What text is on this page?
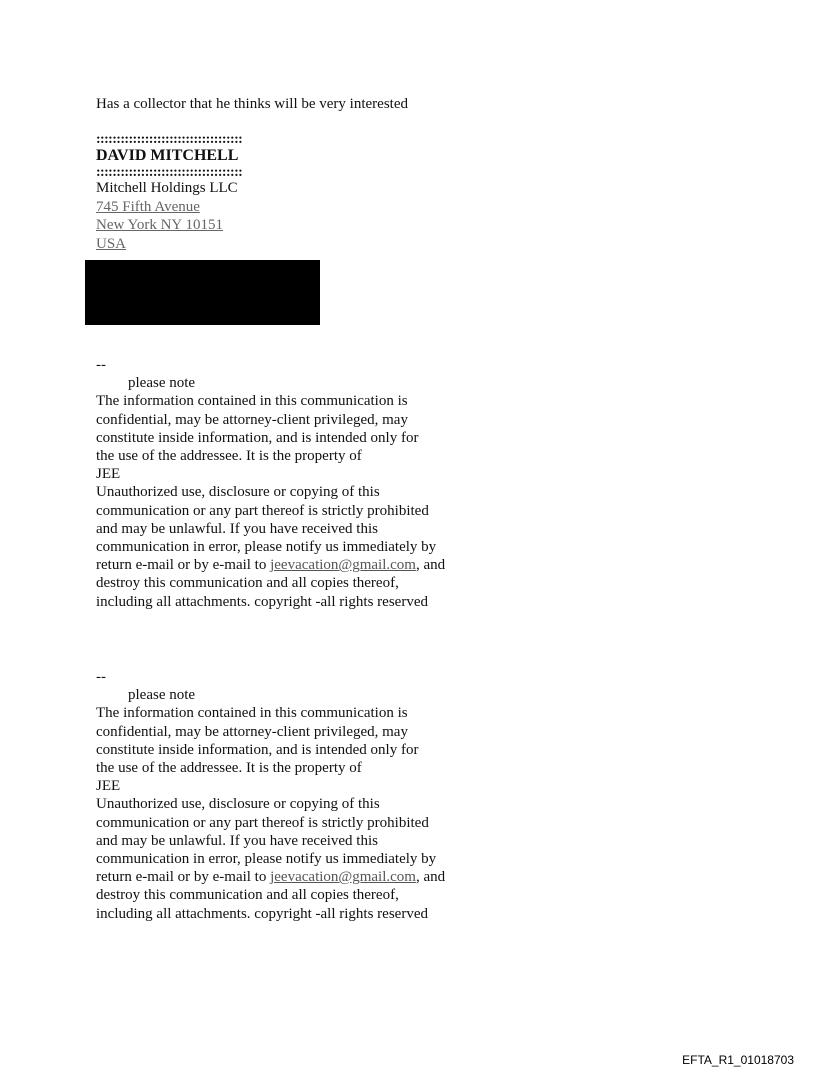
Has a collector that he thinks will be very interested
::::::::::::::::::::::::::::::::::::
DAVID MITCHELL
::::::::::::::::::::::::::::::::::::
Mitchell Holdings LLC
745 Fifth Avenue
New York NY 10151
USA
--
please note
The information contained in this communication is
confidential, may be attorney-client privileged, may
constitute inside information, and is intended only for
the use of the addressee. It is the property of
JEE
Unauthorized use, disclosure or copying of this
communication or any part thereof is strictly prohibited
and may be unlawful. If you have received this
communication in error, please notify us immediately by
return e-mail or by e-mail to jeevacation@gmail.com, and
destroy this communication and all copies thereof,
including all attachments. copyright -all rights reserved
--
please note
The information contained in this communication is
confidential, may be attorney-client privileged, may
constitute inside information, and is intended only for
the use of the addressee. It is the property of
JEE
Unauthorized use, disclosure or copying of this
communication or any part thereof is strictly prohibited
and may be unlawful. If you have received this
communication in error, please notify us immediately by
return e-mail or by e-mail to jeevacation@gmail.com, and
destroy this communication and all copies thereof,
including all attachments. copyright -all rights reserved
EFTA_R1_01018703
